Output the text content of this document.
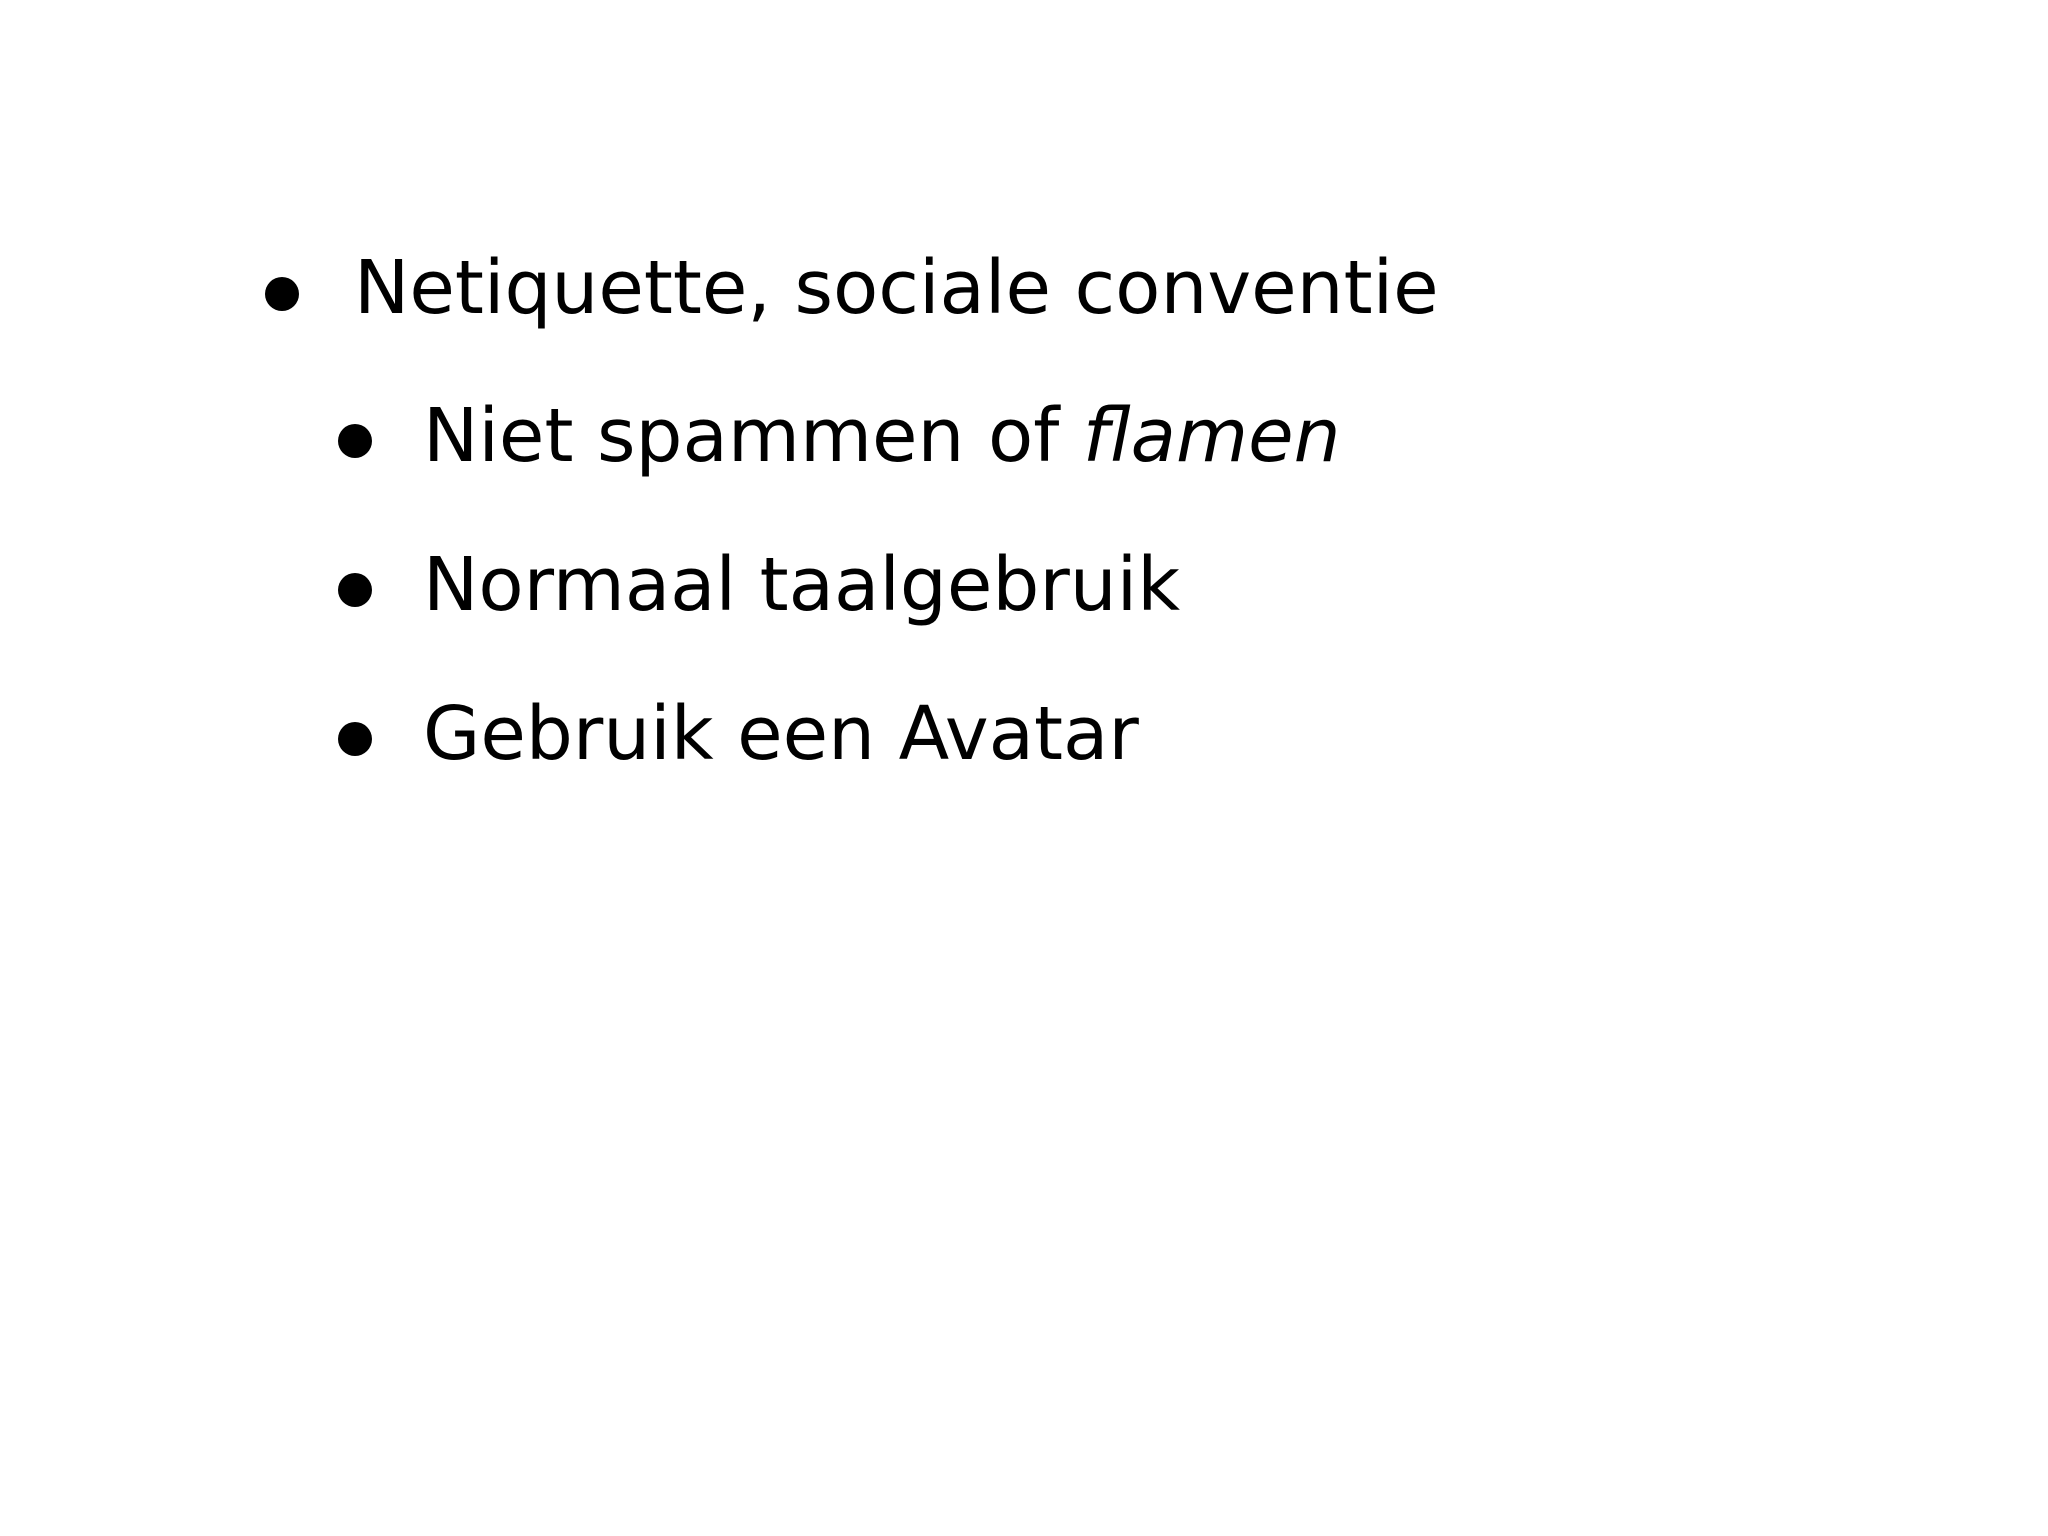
Netiquette, sociale conventie
Niet spammen of flamen
Normaal taalgebruik
Gebruik een Avatar
